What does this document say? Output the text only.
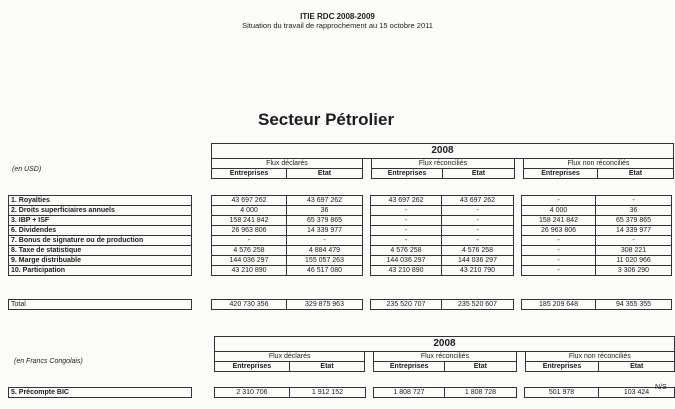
ITIE RDC 2008-2009
Situation du travail de rapprochement au 15 octobre 2011
Secteur Pétrolier
(en USD)
2008							
Flux déclarés			Flux réconciliés			Flux non réconciliés	
Entreprises	Etat		Entreprises	Etat		Entreprises	Etat
1. Royalties		43 697 262	43 697 262		43 697 262	43 697 262		-	-
2. Droits superficiaires annuels		4 000	36		-	-		4 000	36
3. IBP + ISF		158 241 842	65 379 865		-	-		158 241 842	65 379 865
6. Dividendes		26 963 806	14 339 977		-	-		26 963 806	14 339 977
7. Bonus de signature ou de production		-	-		-	-		-	-
8. Taxe de statistique		4 576 258	4 884 479		4 576 258	4 576 258		-	308 221
9. Marge distribuable		144 036 297	155 057 263		144 036 297	144 036 297		-	11 020 966
10. Participation		43 210 890	46 517 080		43 210 890	43 210 790		-	3 306 290
Total		420 730 356	329 875 963		235 520 707	235 520 607		185 209 648	94 355 355
(en Francs Congolais)
2008							
Flux déclarés			Flux réconciliés			Flux non réconciliés	
Entreprises	Etat		Entreprises	Etat		Entreprises	Etat
5. Précompte BIC		2 310 706	1 912 152		1 808 727	1 808 728		501 978	103 424
N/S
